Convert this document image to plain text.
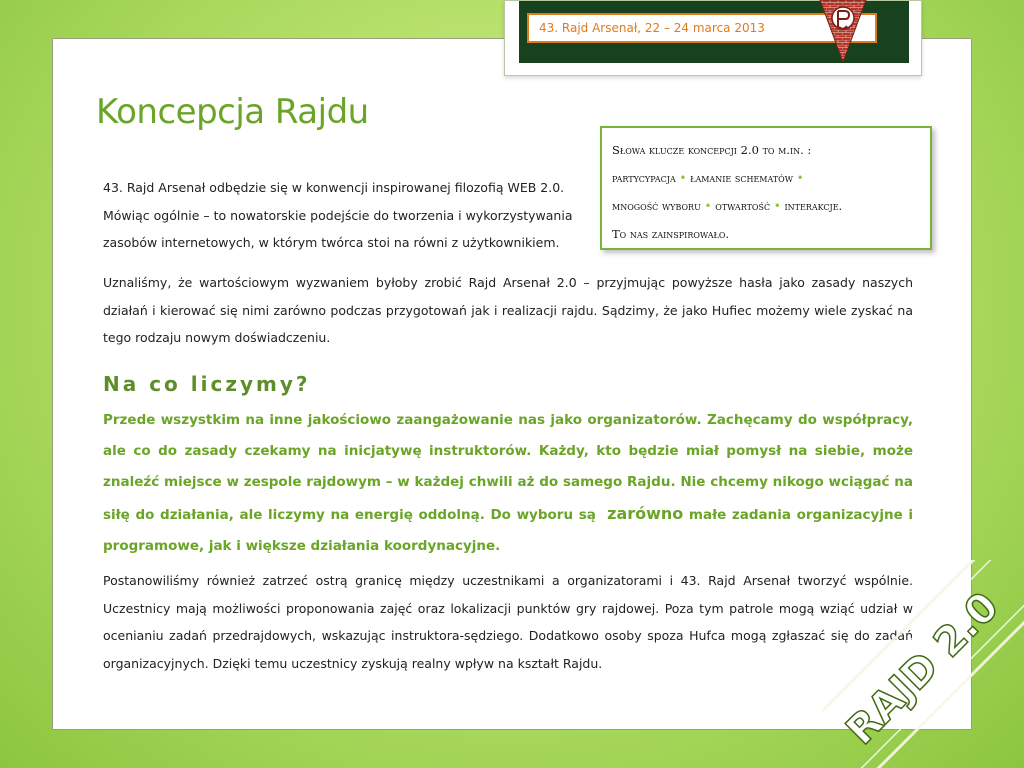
43. Rajd Arsenał, 22 – 24 marca 2013
Koncepcja Rajdu

Słowa klucze koncepcji 2.0 to m.in. :

partycypacja • łamanie schematów •

mnogość wyboru • otwartość • interakcje.

To nas zainspirowało.

43. Rajd Arsenał odbędzie się w konwencji inspirowanej filozofią WEB 2.0. Mówiąc ogólnie – to nowatorskie podejście do tworzenia i wykorzystywania zasobów internetowych, w którym twórca stoi na równi z użytkownikiem.

Uznaliśmy, że wartościowym wyzwaniem byłoby zrobić Rajd Arsenał 2.0 – przyjmując powyższe hasła jako zasady naszych działań i kierować się nimi zarówno podczas przygotowań jak i realizacji rajdu. Sądzimy, że jako Hufiec możemy wiele zyskać na tego rodzaju nowym doświadczeniu.

Na co liczymy?

Przede wszystkim na inne jakościowo zaangażowanie nas jako organizatorów. Zachęcamy do współpracy, ale co do zasady czekamy na inicjatywę instruktorów. Każdy, kto będzie miał pomysł na siebie, może znaleźć miejsce w zespole rajdowym – w każdej chwili aż do samego Rajdu. Nie chcemy nikogo wciągać na siłę do działania, ale liczymy na energię oddolną. Do wyboru są zarówno małe zadania organizacyjne i programowe, jak i większe działania koordynacyjne.

Postanowiliśmy również zatrzeć ostrą granicę między uczestnikami a organizatorami i 43. Rajd Arsenał tworzyć wspólnie. Uczestnicy mają możliwości proponowania zajęć oraz lokalizacji punktów gry rajdowej. Poza tym patrole mogą wziąć udział w ocenianiu zadań przedrajdowych, wskazując instruktora-sędziego. Dodatkowo osoby spoza Hufca mogą zgłaszać się do zadań organizacyjnych. Dzięki temu uczestnicy zyskują realny wpływ na kształt Rajdu.	RAJD 2.0
